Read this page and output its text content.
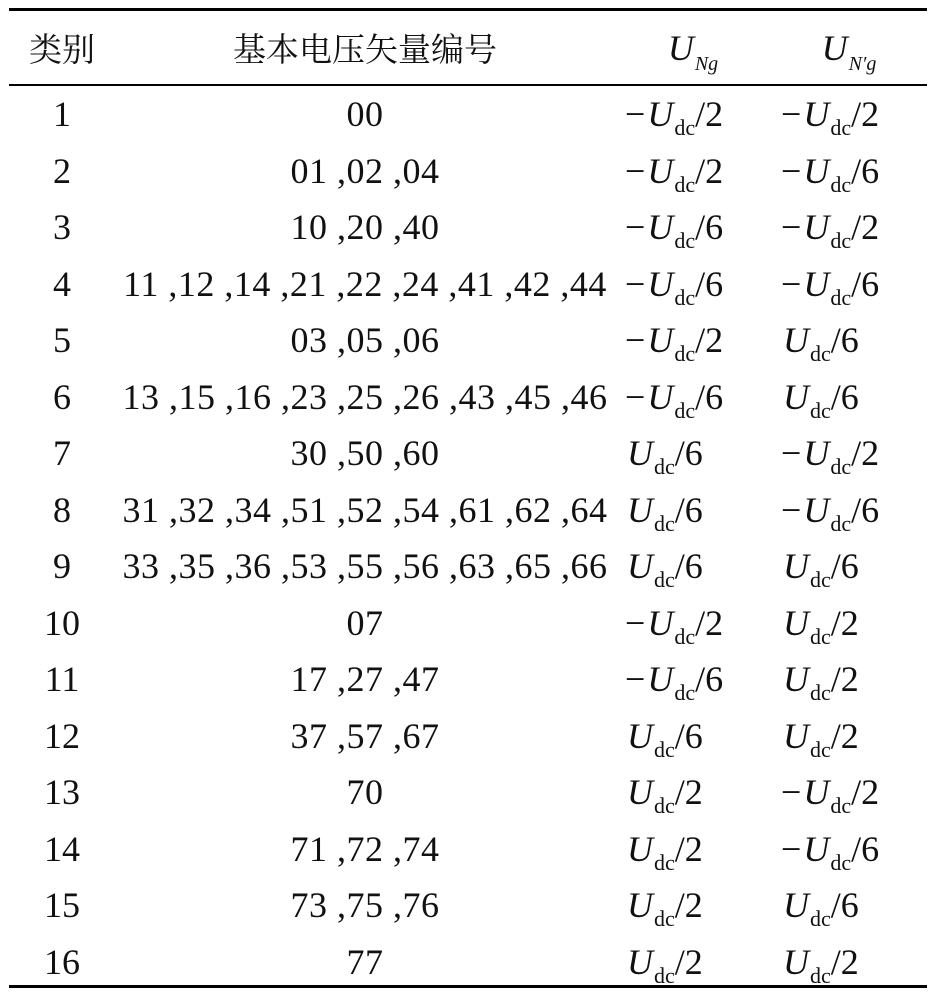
类别	基本电压矢量编号	$U_{Ng}$	$U_{N'g}$
1	00	$-U_{dc}/2$	$-U_{dc}/2$
2	01 ,02 ,04	$-U_{dc}/2$	$-U_{dc}/6$
3	10 ,20 ,40	$-U_{dc}/6$	$-U_{dc}/2$
4	11 ,12 ,14 ,21 ,22 ,24 ,41 ,42 ,44	$-U_{dc}/6$	$-U_{dc}/6$
5	03 ,05 ,06	$-U_{dc}/2$	$U_{dc}/6$
6	13 ,15 ,16 ,23 ,25 ,26 ,43 ,45 ,46	$-U_{dc}/6$	$U_{dc}/6$
7	30 ,50 ,60	$U_{dc}/6$	$-U_{dc}/2$
8	31 ,32 ,34 ,51 ,52 ,54 ,61 ,62 ,64	$U_{dc}/6$	$-U_{dc}/6$
9	33 ,35 ,36 ,53 ,55 ,56 ,63 ,65 ,66	$U_{dc}/6$	$U_{dc}/6$
10	07	$-U_{dc}/2$	$U_{dc}/2$
11	17 ,27 ,47	$-U_{dc}/6$	$U_{dc}/2$
12	37 ,57 ,67	$U_{dc}/6$	$U_{dc}/2$
13	70	$U_{dc}/2$	$-U_{dc}/2$
14	71 ,72 ,74	$U_{dc}/2$	$-U_{dc}/6$
15	73 ,75 ,76	$U_{dc}/2$	$U_{dc}/6$
16	77	$U_{dc}/2$	$U_{dc}/2$
